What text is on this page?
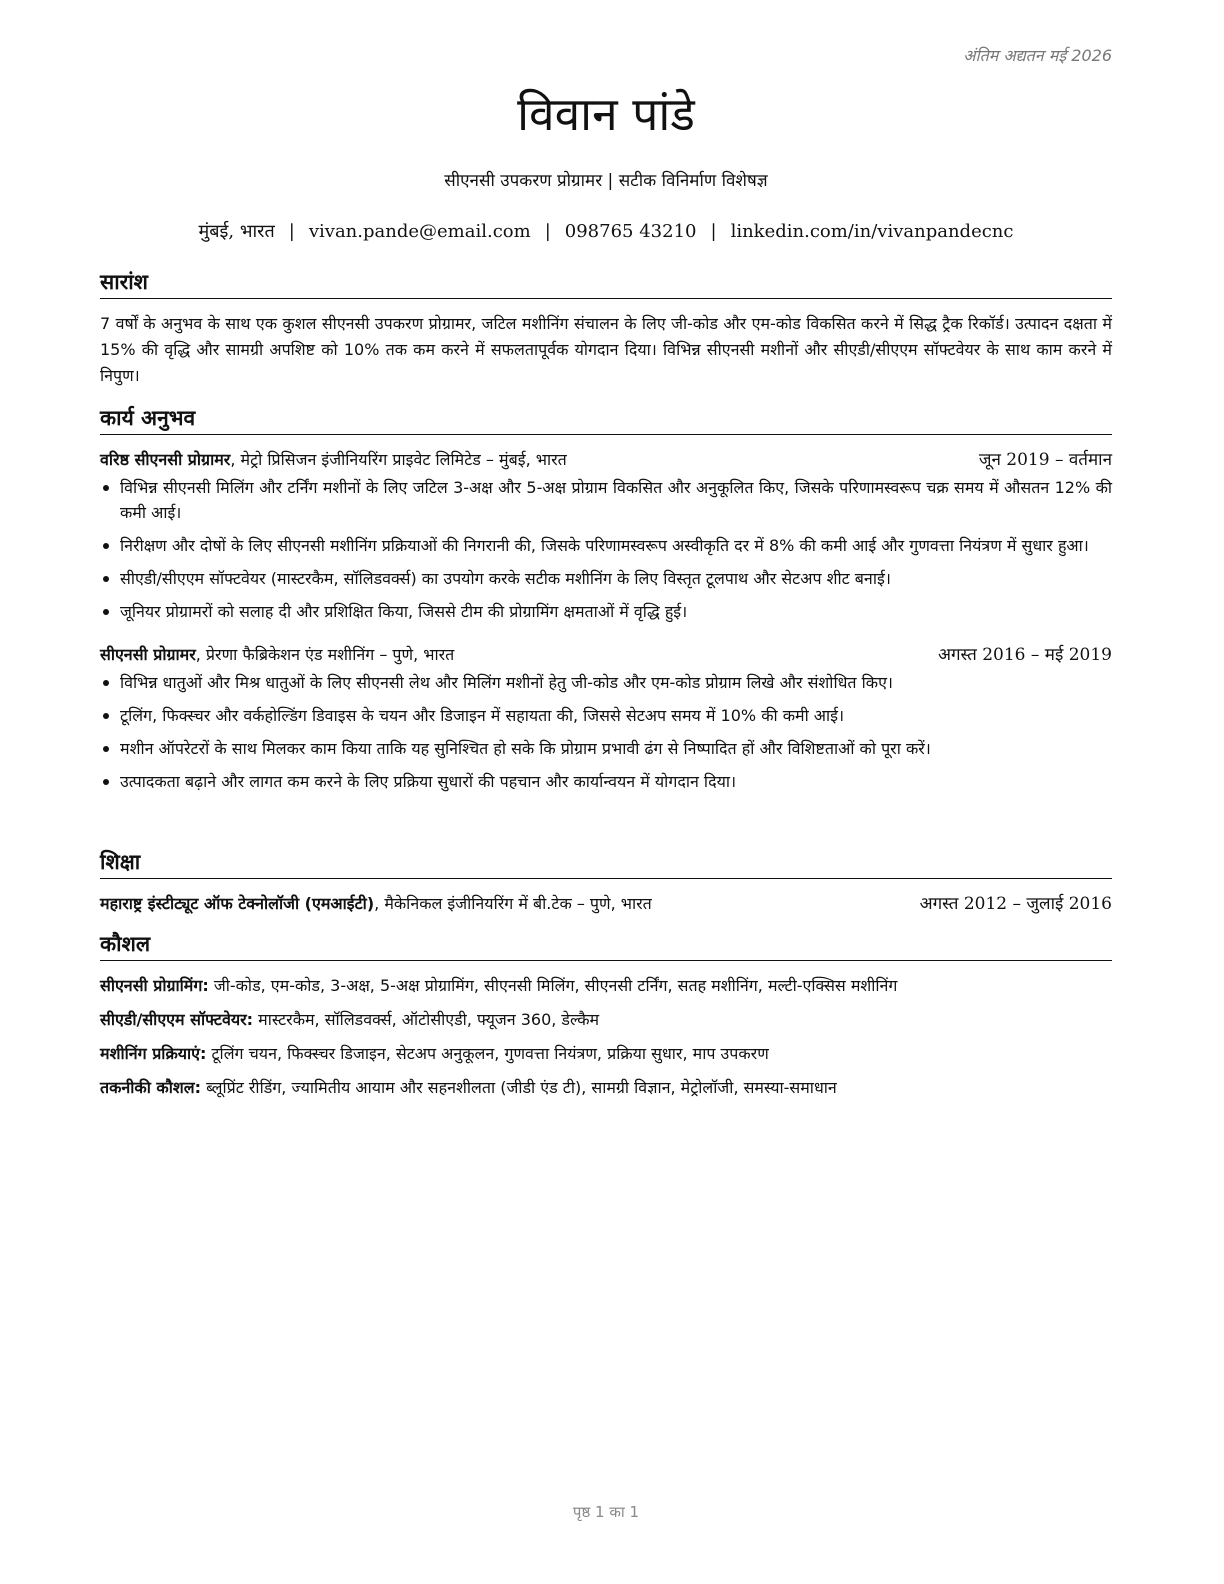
अंतिम अद्यतन मई 2026
विवान पांडे
सीएनसी उपकरण प्रोग्रामर | सटीक विनिर्माण विशेषज्ञ
मुंबई, भारत | vivan.pande@email.com | 098765 43210 | linkedin.com/in/vivanpandecnc
सारांश
7 वर्षों के अनुभव के साथ एक कुशल सीएनसी उपकरण प्रोग्रामर, जटिल मशीनिंग संचालन के लिए जी-कोड और एम-कोड विकसित करने में सिद्ध ट्रैक रिकॉर्ड। उत्पादन दक्षता में 15% की वृद्धि और सामग्री अपशिष्ट को 10% तक कम करने में सफलतापूर्वक योगदान दिया। विभिन्न सीएनसी मशीनों और सीएडी/सीएएम सॉफ्टवेयर के साथ काम करने में निपुण।
कार्य अनुभव
वरिष्ठ सीएनसी प्रोग्रामर, मेट्रो प्रिसिजन इंजीनियरिंग प्राइवेट लिमिटेड – मुंबई, भारत	जून 2019 – वर्तमान
विभिन्न सीएनसी मिलिंग और टर्निंग मशीनों के लिए जटिल 3-अक्ष और 5-अक्ष प्रोग्राम विकसित और अनुकूलित किए, जिसके परिणामस्वरूप चक्र समय में औसतन 12% की कमी आई।
निरीक्षण और दोषों के लिए सीएनसी मशीनिंग प्रक्रियाओं की निगरानी की, जिसके परिणामस्वरूप अस्वीकृति दर में 8% की कमी आई और गुणवत्ता नियंत्रण में सुधार हुआ।
सीएडी/सीएएम सॉफ्टवेयर (मास्टरकैम, सॉलिडवर्क्स) का उपयोग करके सटीक मशीनिंग के लिए विस्तृत टूलपाथ और सेटअप शीट बनाई।
जूनियर प्रोग्रामरों को सलाह दी और प्रशिक्षित किया, जिससे टीम की प्रोग्रामिंग क्षमताओं में वृद्धि हुई।
सीएनसी प्रोग्रामर, प्रेरणा फैब्रिकेशन एंड मशीनिंग – पुणे, भारत	अगस्त 2016 – मई 2019
विभिन्न धातुओं और मिश्र धातुओं के लिए सीएनसी लेथ और मिलिंग मशीनों हेतु जी-कोड और एम-कोड प्रोग्राम लिखे और संशोधित किए।
टूलिंग, फिक्स्चर और वर्कहोल्डिंग डिवाइस के चयन और डिजाइन में सहायता की, जिससे सेटअप समय में 10% की कमी आई।
मशीन ऑपरेटरों के साथ मिलकर काम किया ताकि यह सुनिश्चित हो सके कि प्रोग्राम प्रभावी ढंग से निष्पादित हों और विशिष्टताओं को पूरा करें।
उत्पादकता बढ़ाने और लागत कम करने के लिए प्रक्रिया सुधारों की पहचान और कार्यान्वयन में योगदान दिया।
शिक्षा
महाराष्ट्र इंस्टीट्यूट ऑफ टेक्नोलॉजी (एमआईटी), मैकेनिकल इंजीनियरिंग में बी.टेक – पुणे, भारत	अगस्त 2012 – जुलाई 2016
कौशल
सीएनसी प्रोग्रामिंग: जी-कोड, एम-कोड, 3-अक्ष, 5-अक्ष प्रोग्रामिंग, सीएनसी मिलिंग, सीएनसी टर्निंग, सतह मशीनिंग, मल्टी-एक्सिस मशीनिंग
सीएडी/सीएएम सॉफ्टवेयर: मास्टरकैम, सॉलिडवर्क्स, ऑटोसीएडी, फ्यूजन 360, डेल्कैम
मशीनिंग प्रक्रियाएं: टूलिंग चयन, फिक्स्चर डिजाइन, सेटअप अनुकूलन, गुणवत्ता नियंत्रण, प्रक्रिया सुधार, माप उपकरण
तकनीकी कौशल: ब्लूप्रिंट रीडिंग, ज्यामितीय आयाम और सहनशीलता (जीडी एंड टी), सामग्री विज्ञान, मेट्रोलॉजी, समस्या-समाधान
पृष्ठ 1 का 1
